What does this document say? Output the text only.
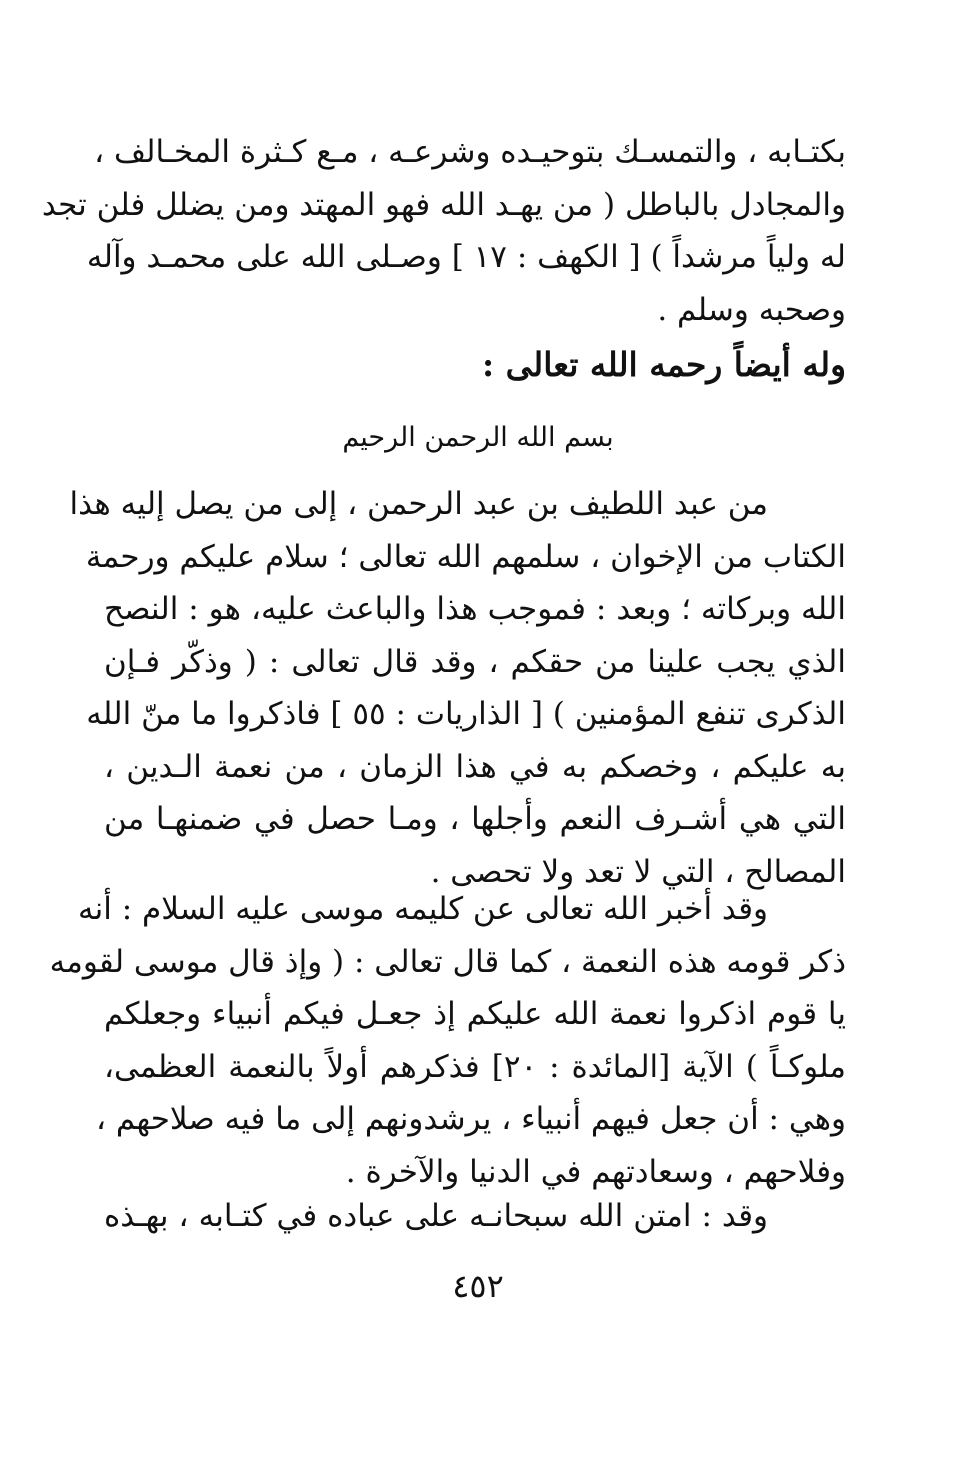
بكتـابه ، والتمسـك بتوحيـده وشرعـه ، مـع كـثرة المخـالف ،
والمجادل بالباطل ( من يهـد الله فهو المهتد ومن يضلل فلن تجد
له ولياً مرشداً ) [ الكهف : ١٧ ] وصـلى الله على محمـد وآله
وصحبه وسلم .
وله أيضاً رحمه الله تعالى :
بسم الله الرحمن الرحيم
من عبد اللطيف بن عبد الرحمن ، إلى من يصل إليه هذا
الكتاب من الإخوان ، سلمهم الله تعالى ؛ سلام عليكم ورحمة
الله وبركاته ؛ وبعد : فموجب هذا والباعث عليه، هو : النصح
الذي يجب علينا من حقكم ، وقد قال تعالى : ( وذكّر فـإن
الذكرى تنفع المؤمنين ) [ الذاريات : ٥٥ ] فاذكروا ما منّ الله
به عليكم ، وخصكم به في هذا الزمان ، من نعمة الـدين ،
التي هي أشـرف النعم وأجلها ، ومـا حصل في ضمنهـا من
المصالح ، التي لا تعد ولا تحصى .
وقد أخبر الله تعالى عن كليمه موسى عليه السلام : أنه
ذكر قومه هذه النعمة ، كما قال تعالى : ( وإذ قال موسى لقومه
يا قوم اذكروا نعمة الله عليكم إذ جعـل فيكم أنبياء وجعلكم
ملوكـاً ) الآية [المائدة : ٢٠] فذكرهم أولاً بالنعمة العظمى،
وهي : أن جعل فيهم أنبياء ، يرشدونهم إلى ما فيه صلاحهم ،
وفلاحهم ، وسعادتهم في الدنيا والآخرة .
وقد : امتن الله سبحانـه على عباده في كتـابه ، بهـذه
٤٥٢
